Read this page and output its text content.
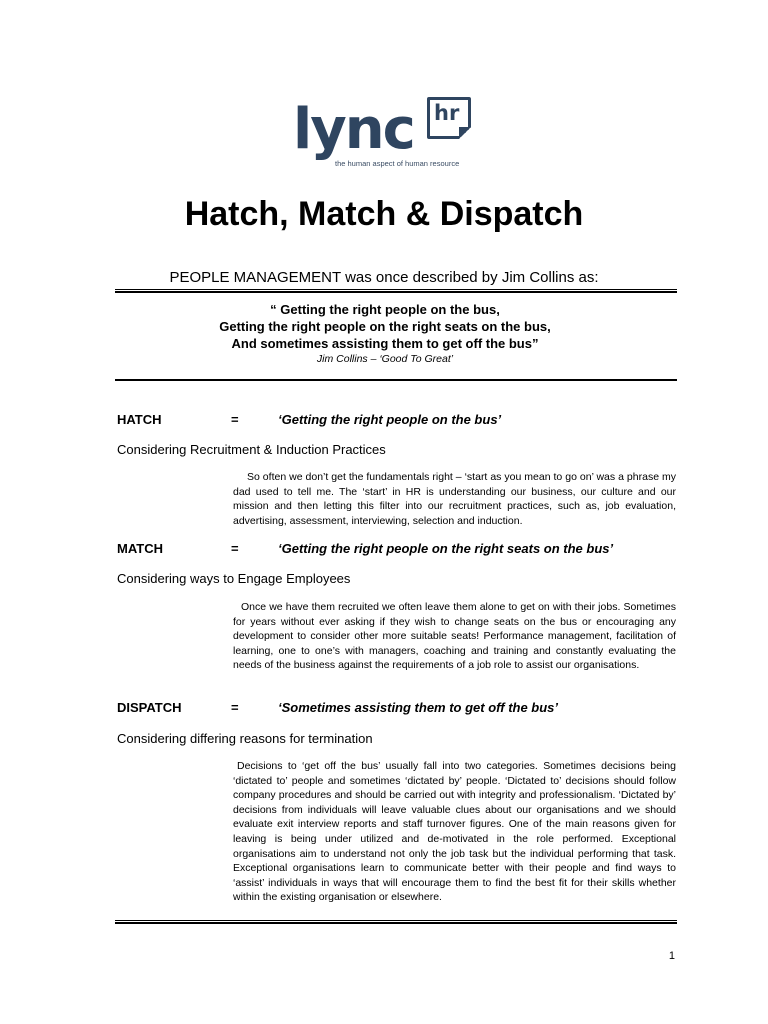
lync hr
the human aspect of human resource
Hatch, Match & Dispatch
PEOPLE MANAGEMENT was once described by Jim Collins as:
“ Getting the right people on the bus,
Getting the right people on the right seats on the bus,
And sometimes assisting them to get off the bus”
Jim Collins – ‘Good To Great’
HATCH	=	‘Getting the right people on the bus’
Considering Recruitment & Induction Practices
So often we don’t get the fundamentals right – ‘start as you mean to go on’ was a phrase my dad used to tell me. The ‘start’ in HR is understanding our business, our culture and our mission and then letting this filter into our recruitment practices, such as, job evaluation, advertising, assessment, interviewing, selection and induction.
MATCH	=	‘Getting the right people on the right seats on the bus’
Considering ways to Engage Employees
Once we have them recruited we often leave them alone to get on with their jobs. Sometimes for years without ever asking if they wish to change seats on the bus or encouraging any development to consider other more suitable seats! Performance management, facilitation of learning, one to one’s with managers, coaching and training and constantly evaluating the needs of the business against the requirements of a job role to assist our organisations.
DISPATCH	=	‘Sometimes assisting them to get off the bus’
Considering differing reasons for termination
Decisions to ‘get off the bus’ usually fall into two categories. Sometimes decisions being ‘dictated to’ people and sometimes ‘dictated by’ people. ‘Dictated to’ decisions should follow company procedures and should be carried out with integrity and professionalism. ‘Dictated by’ decisions from individuals will leave valuable clues about our organisations and we should evaluate exit interview reports and staff turnover figures. One of the main reasons given for leaving is being under utilized and de-motivated in the role performed. Exceptional organisations aim to understand not only the job task but the individual performing that task. Exceptional organisations learn to communicate better with their people and find ways to ‘assist’ individuals in ways that will encourage them to find the best fit for their skills whether within the existing organisation or elsewhere.
1
